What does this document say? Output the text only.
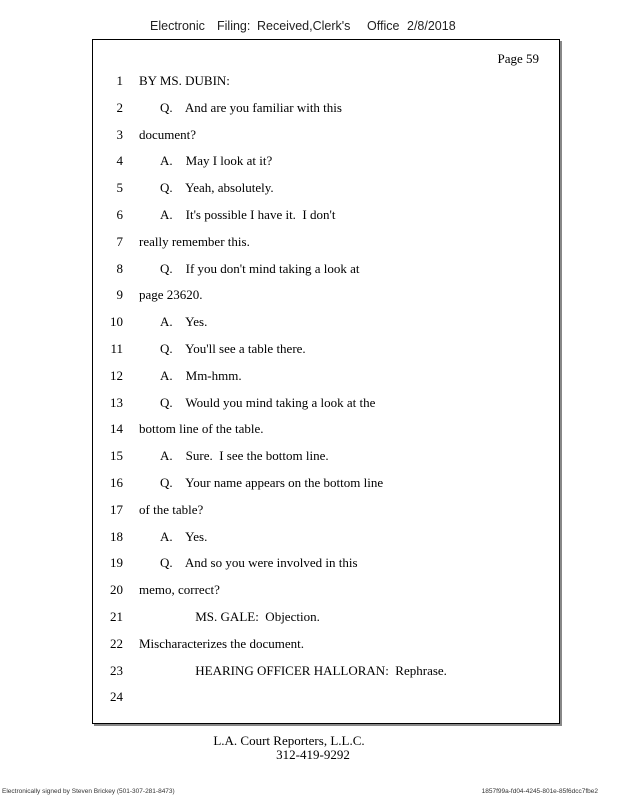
Electronic Filing: Received,Clerk's Office 2/8/2018
Page 59
1 BY MS. DUBIN:
2	Q.    And are you familiar with this
3 document?
4	A.    May I look at it?
5	Q.    Yeah, absolutely.
6	A.    It's possible I have it.  I don't
7 really remember this.
8	Q.    If you don't mind taking a look at
9 page 23620.
10	A.    Yes.
11	Q.    You'll see a table there.
12	A.    Mm-hmm.
13	Q.    Would you mind taking a look at the
14 bottom line of the table.
15	A.    Sure.  I see the bottom line.
16	Q.    Your name appears on the bottom line
17 of the table?
18	A.    Yes.
19	Q.    And so you were involved in this
20 memo, correct?
21	MS. GALE:  Objection.
22 Mischaracterizes the document.
23	HEARING OFFICER HALLORAN:  Rephrase.
24
L.A. Court Reporters, L.L.C.
312-419-9292
Electronically signed by Steven Brickey (501-307-281-8473)	1857f99a-fd04-4245-801e-85f6dcc7fbe2
